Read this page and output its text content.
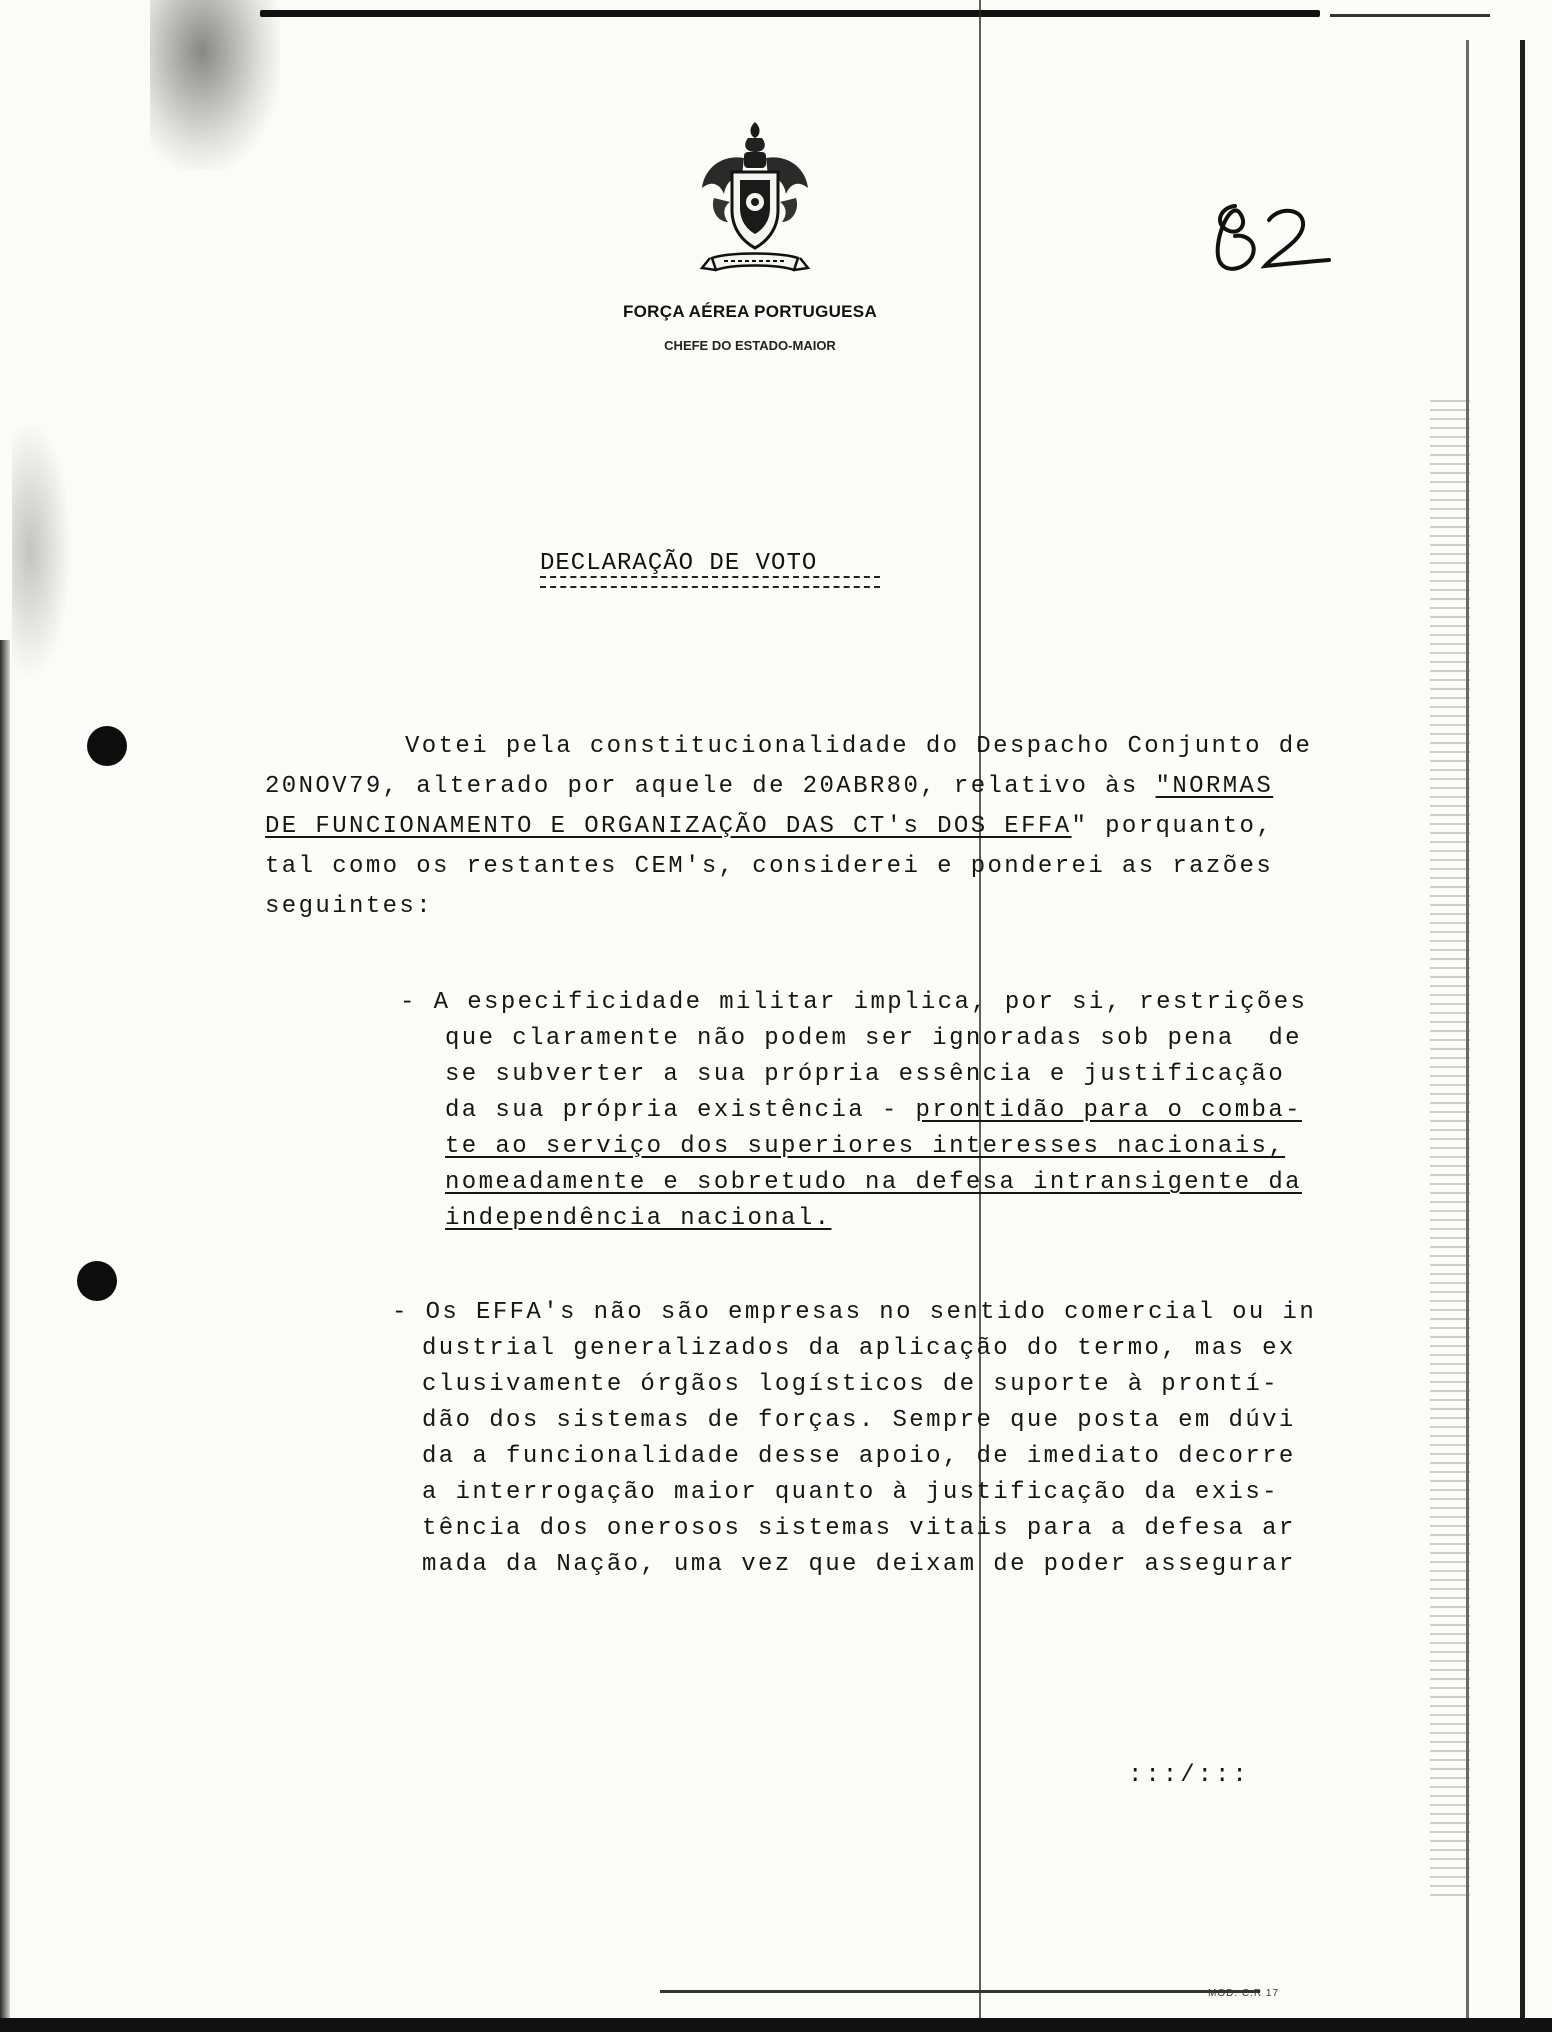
FORÇA AÉREA PORTUGUESA
CHEFE DO ESTADO-MAIOR
DECLARAÇÃO DE VOTO
Votei pela constitucionalidade do Despacho Conjunto de
20NOV79, alterado por aquele de 20ABR80, relativo às "NORMAS
DE FUNCIONAMENTO E ORGANIZAÇÃO DAS CT's DOS EFFA" porquanto,
tal como os restantes CEM's, considerei e ponderei as razões
seguintes:
- A especificidade militar implica, por si, restrições
que claramente não podem ser ignoradas sob pena  de
se subverter a sua própria essência e justificação
da sua própria existência - prontidão para o comba-
te ao serviço dos superiores interesses nacionais,
nomeadamente e sobretudo na defesa intransigente da
independência nacional.
- Os EFFA's não são empresas no sentido comercial ou in
dustrial generalizados da aplicação do termo, mas ex
clusivamente órgãos logísticos de suporte à prontí-
dão dos sistemas de forças. Sempre que posta em dúvi
da a funcionalidade desse apoio, de imediato decorre
a interrogação maior quanto à justificação da exis-
tência dos onerosos sistemas vitais para a defesa ar
mada da Nação, uma vez que deixam de poder assegurar
:::/:::
MOD. C.R 17
